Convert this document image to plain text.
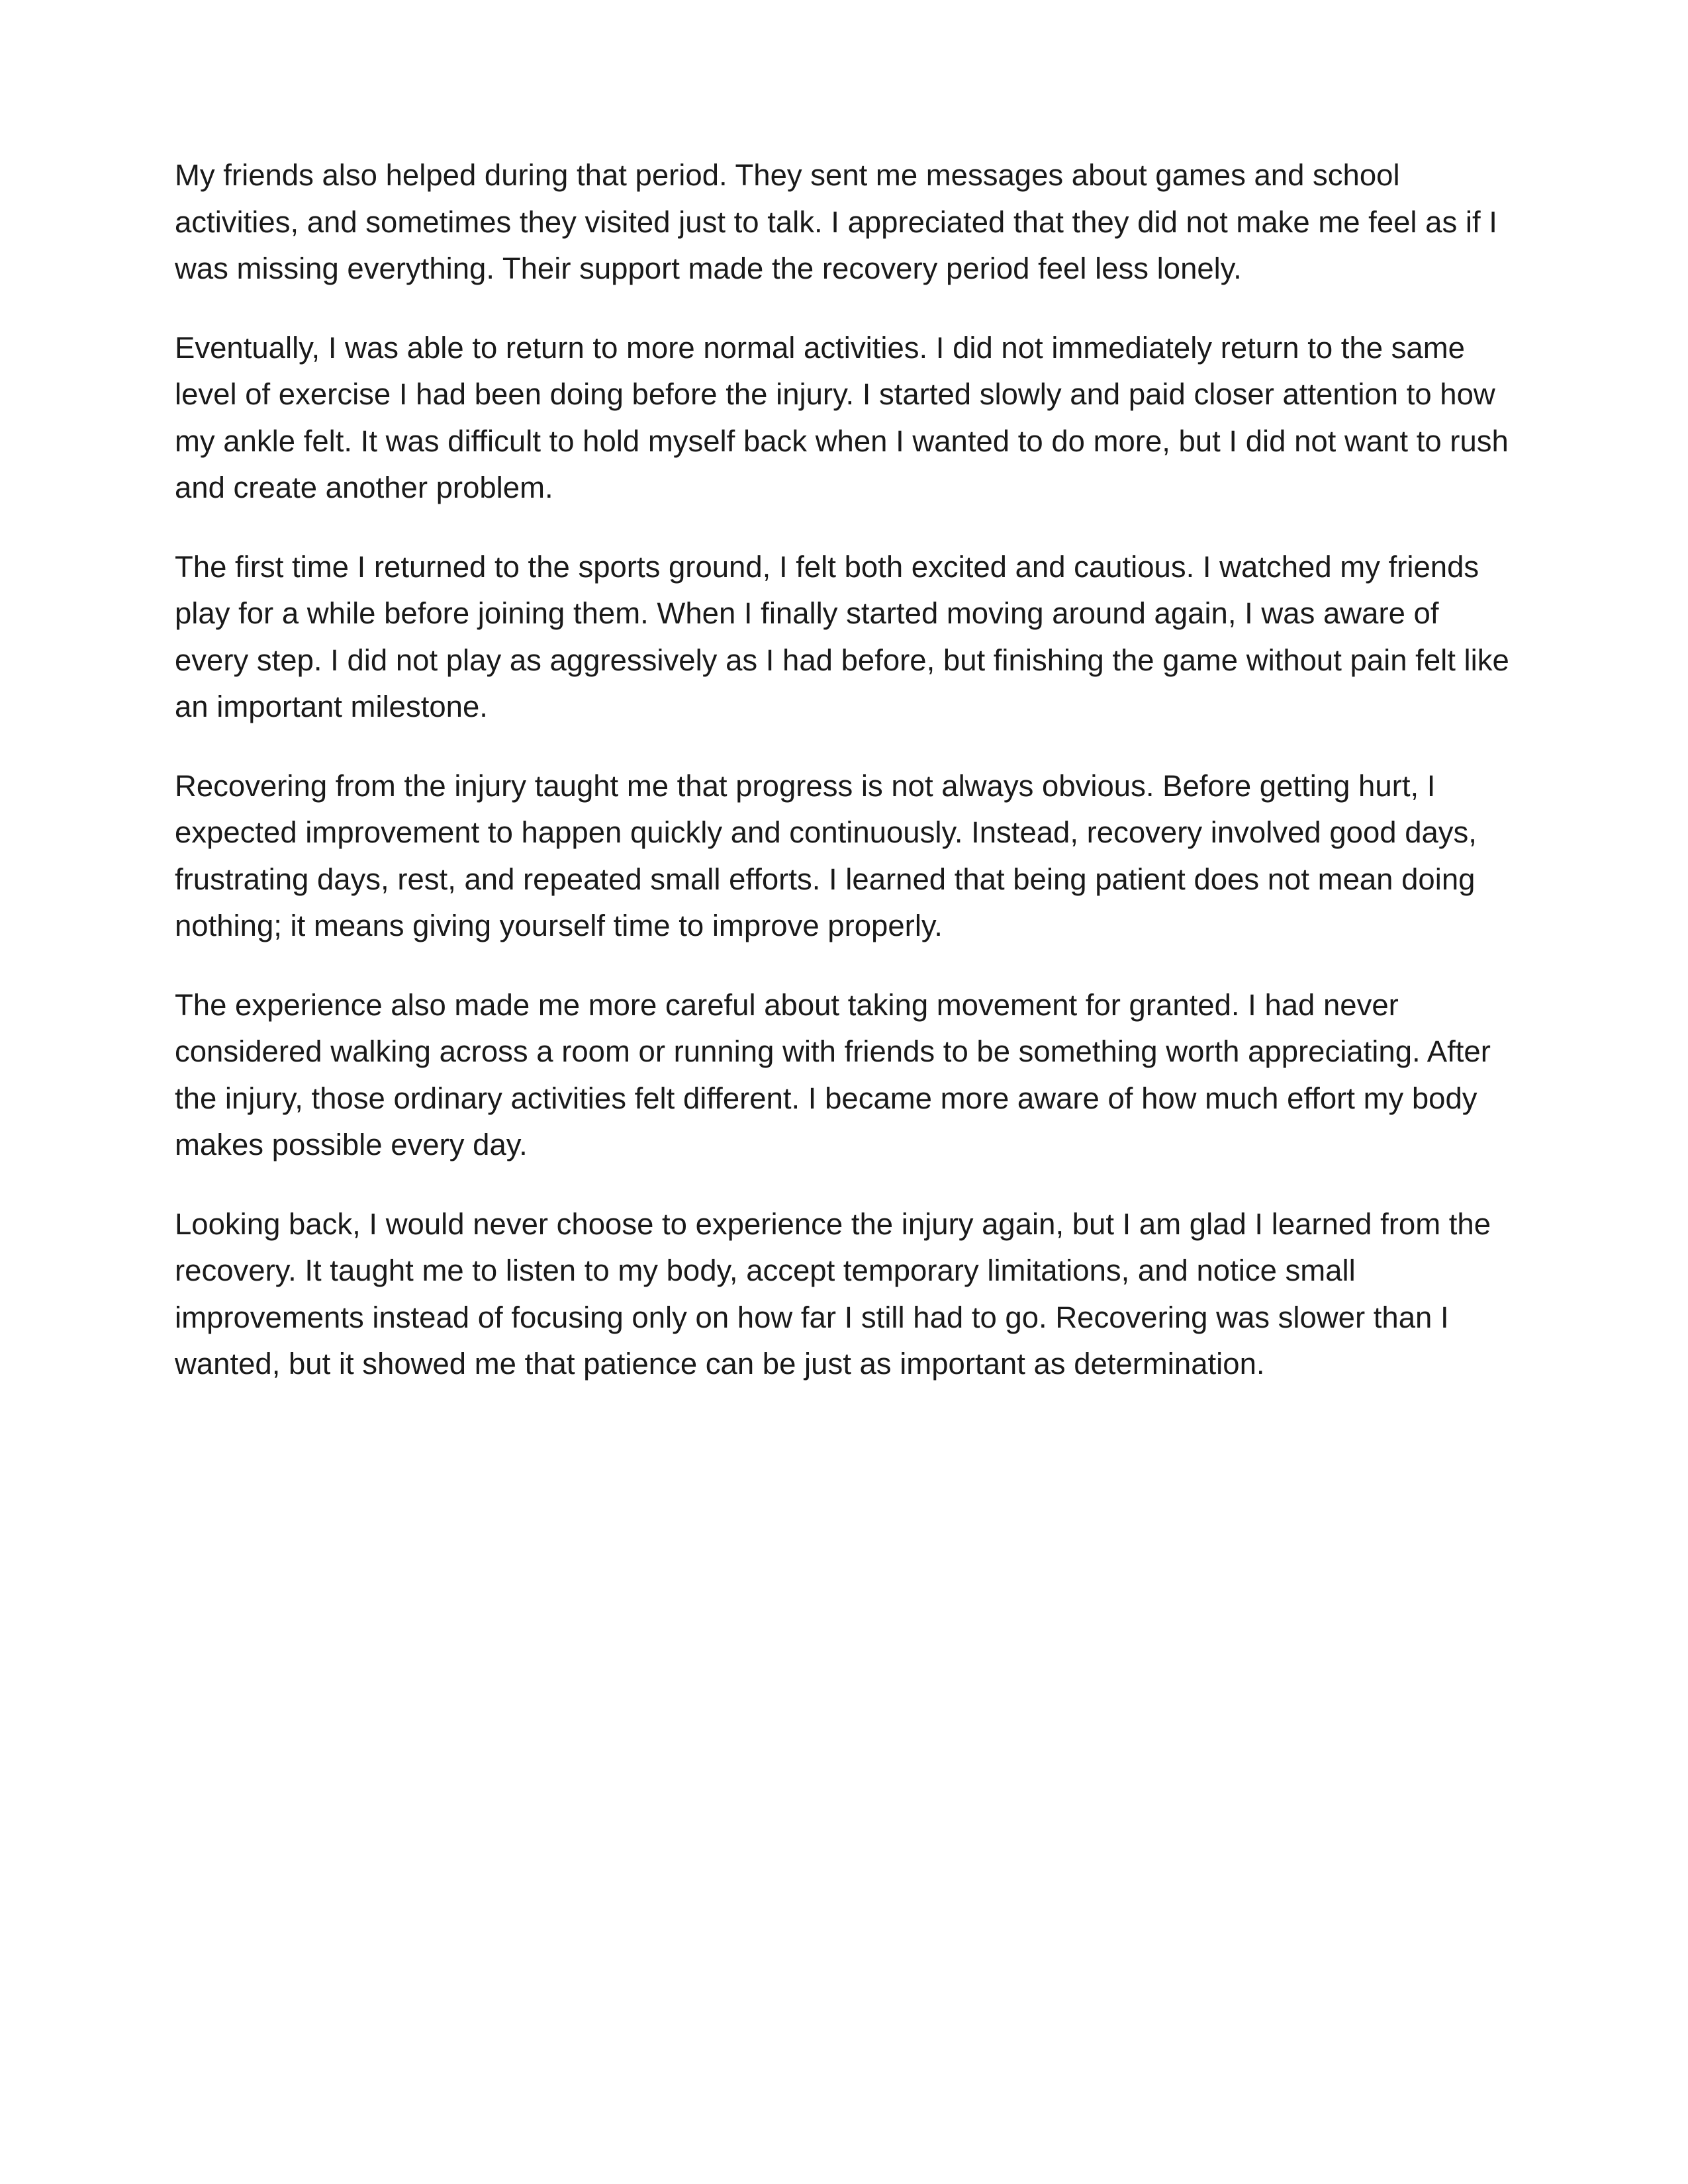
My friends also helped during that period. They sent me messages about games and school
activities, and sometimes they visited just to talk. I appreciated that they did not make me feel as if I
was missing everything. Their support made the recovery period feel less lonely.

Eventually, I was able to return to more normal activities. I did not immediately return to the same
level of exercise I had been doing before the injury. I started slowly and paid closer attention to how
my ankle felt. It was difficult to hold myself back when I wanted to do more, but I did not want to rush
and create another problem.

The first time I returned to the sports ground, I felt both excited and cautious. I watched my friends
play for a while before joining them. When I finally started moving around again, I was aware of
every step. I did not play as aggressively as I had before, but finishing the game without pain felt like
an important milestone.

Recovering from the injury taught me that progress is not always obvious. Before getting hurt, I
expected improvement to happen quickly and continuously. Instead, recovery involved good days,
frustrating days, rest, and repeated small efforts. I learned that being patient does not mean doing
nothing; it means giving yourself time to improve properly.

The experience also made me more careful about taking movement for granted. I had never
considered walking across a room or running with friends to be something worth appreciating. After
the injury, those ordinary activities felt different. I became more aware of how much effort my body
makes possible every day.

Looking back, I would never choose to experience the injury again, but I am glad I learned from the
recovery. It taught me to listen to my body, accept temporary limitations, and notice small
improvements instead of focusing only on how far I still had to go. Recovering was slower than I
wanted, but it showed me that patience can be just as important as determination.
